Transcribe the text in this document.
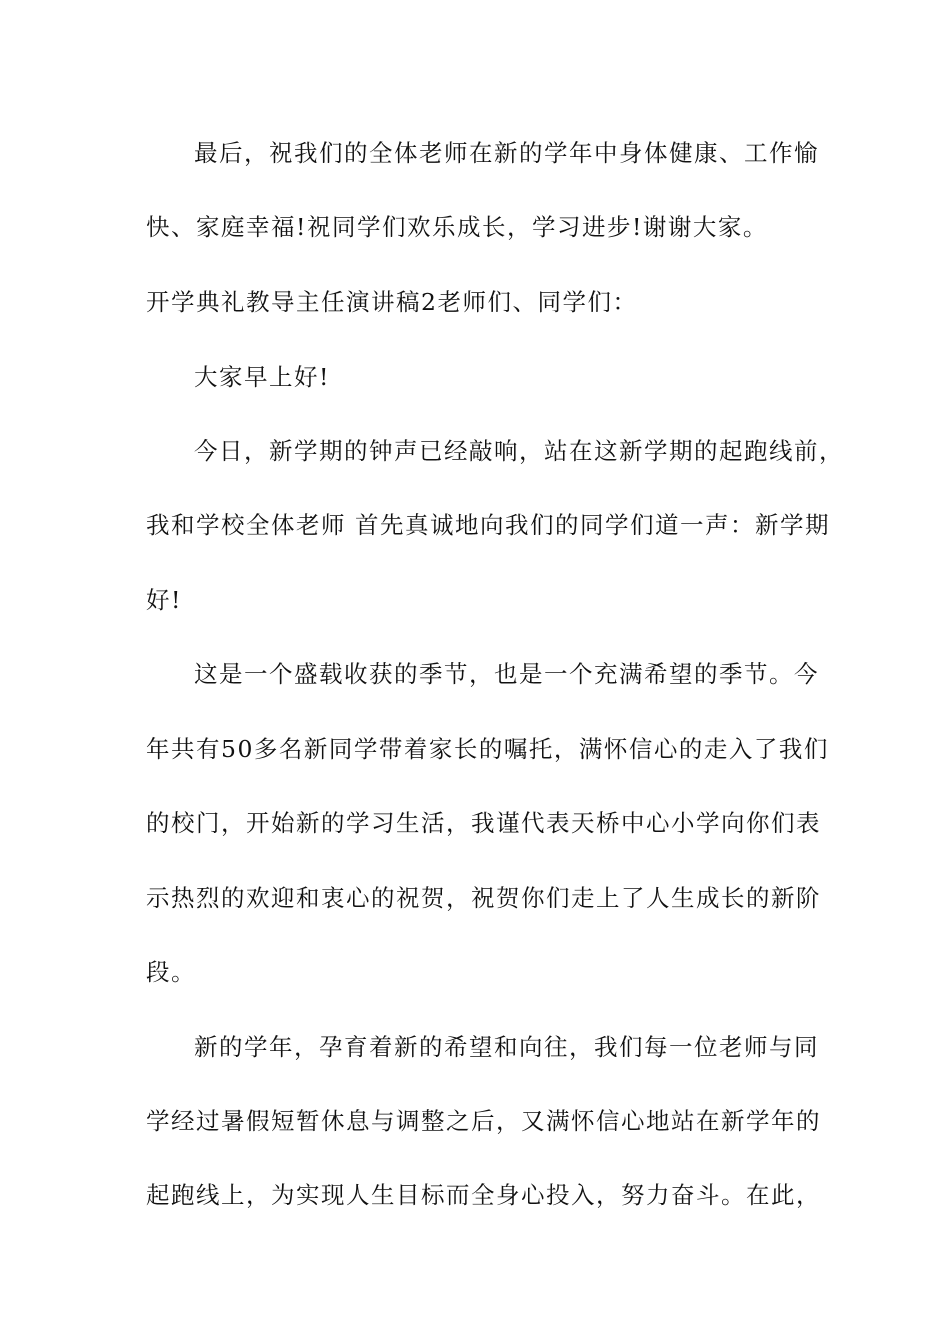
最后，祝我们的全体老师在新的学年中身体健康、工作愉
快、家庭幸福!祝同学们欢乐成长，学习进步!谢谢大家。
开学典礼教导主任演讲稿2老师们、同学们：
大家早上好!
今日，新学期的钟声已经敲响，站在这新学期的起跑线前，
我和学校全体老师 首先真诚地向我们的同学们道一声：新学期
好!
这是一个盛载收获的季节，也是一个充满希望的季节。今
年共有50多名新同学带着家长的嘱托，满怀信心的走入了我们
的校门，开始新的学习生活，我谨代表天桥中心小学向你们表
示热烈的欢迎和衷心的祝贺，祝贺你们走上了人生成长的新阶
段。
新的学年，孕育着新的希望和向往，我们每一位老师与同
学经过暑假短暂休息与调整之后，又满怀信心地站在新学年的
起跑线上，为实现人生目标而全身心投入，努力奋斗。在此，
